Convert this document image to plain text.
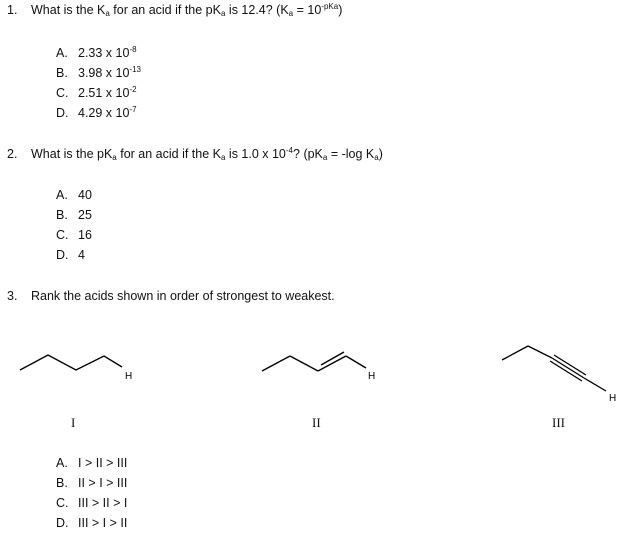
1. What is the $K_a$ for an acid if the $pK_a$ is 12.4? $(K_a = 10^{-pKa})$
A. 2.33 x $10^{-8}$
B. 3.98 x $10^{-13}$
C. 2.51 x $10^{-2}$
D. 4.29 x $10^{-7}$
2. What is the $pK_a$ for an acid if the $K_a$ is 1.0 x $10^{-4}$? ($pK_a = -\log$ $K_a$)
A. 40
B. 25
C. 16
D. 4
3. Rank the acids shown in order of strongest to weakest.
H	H
H
I	II	III
A. I > II > III
B. II > I > III
C. III > II > I
D. III > I > II
